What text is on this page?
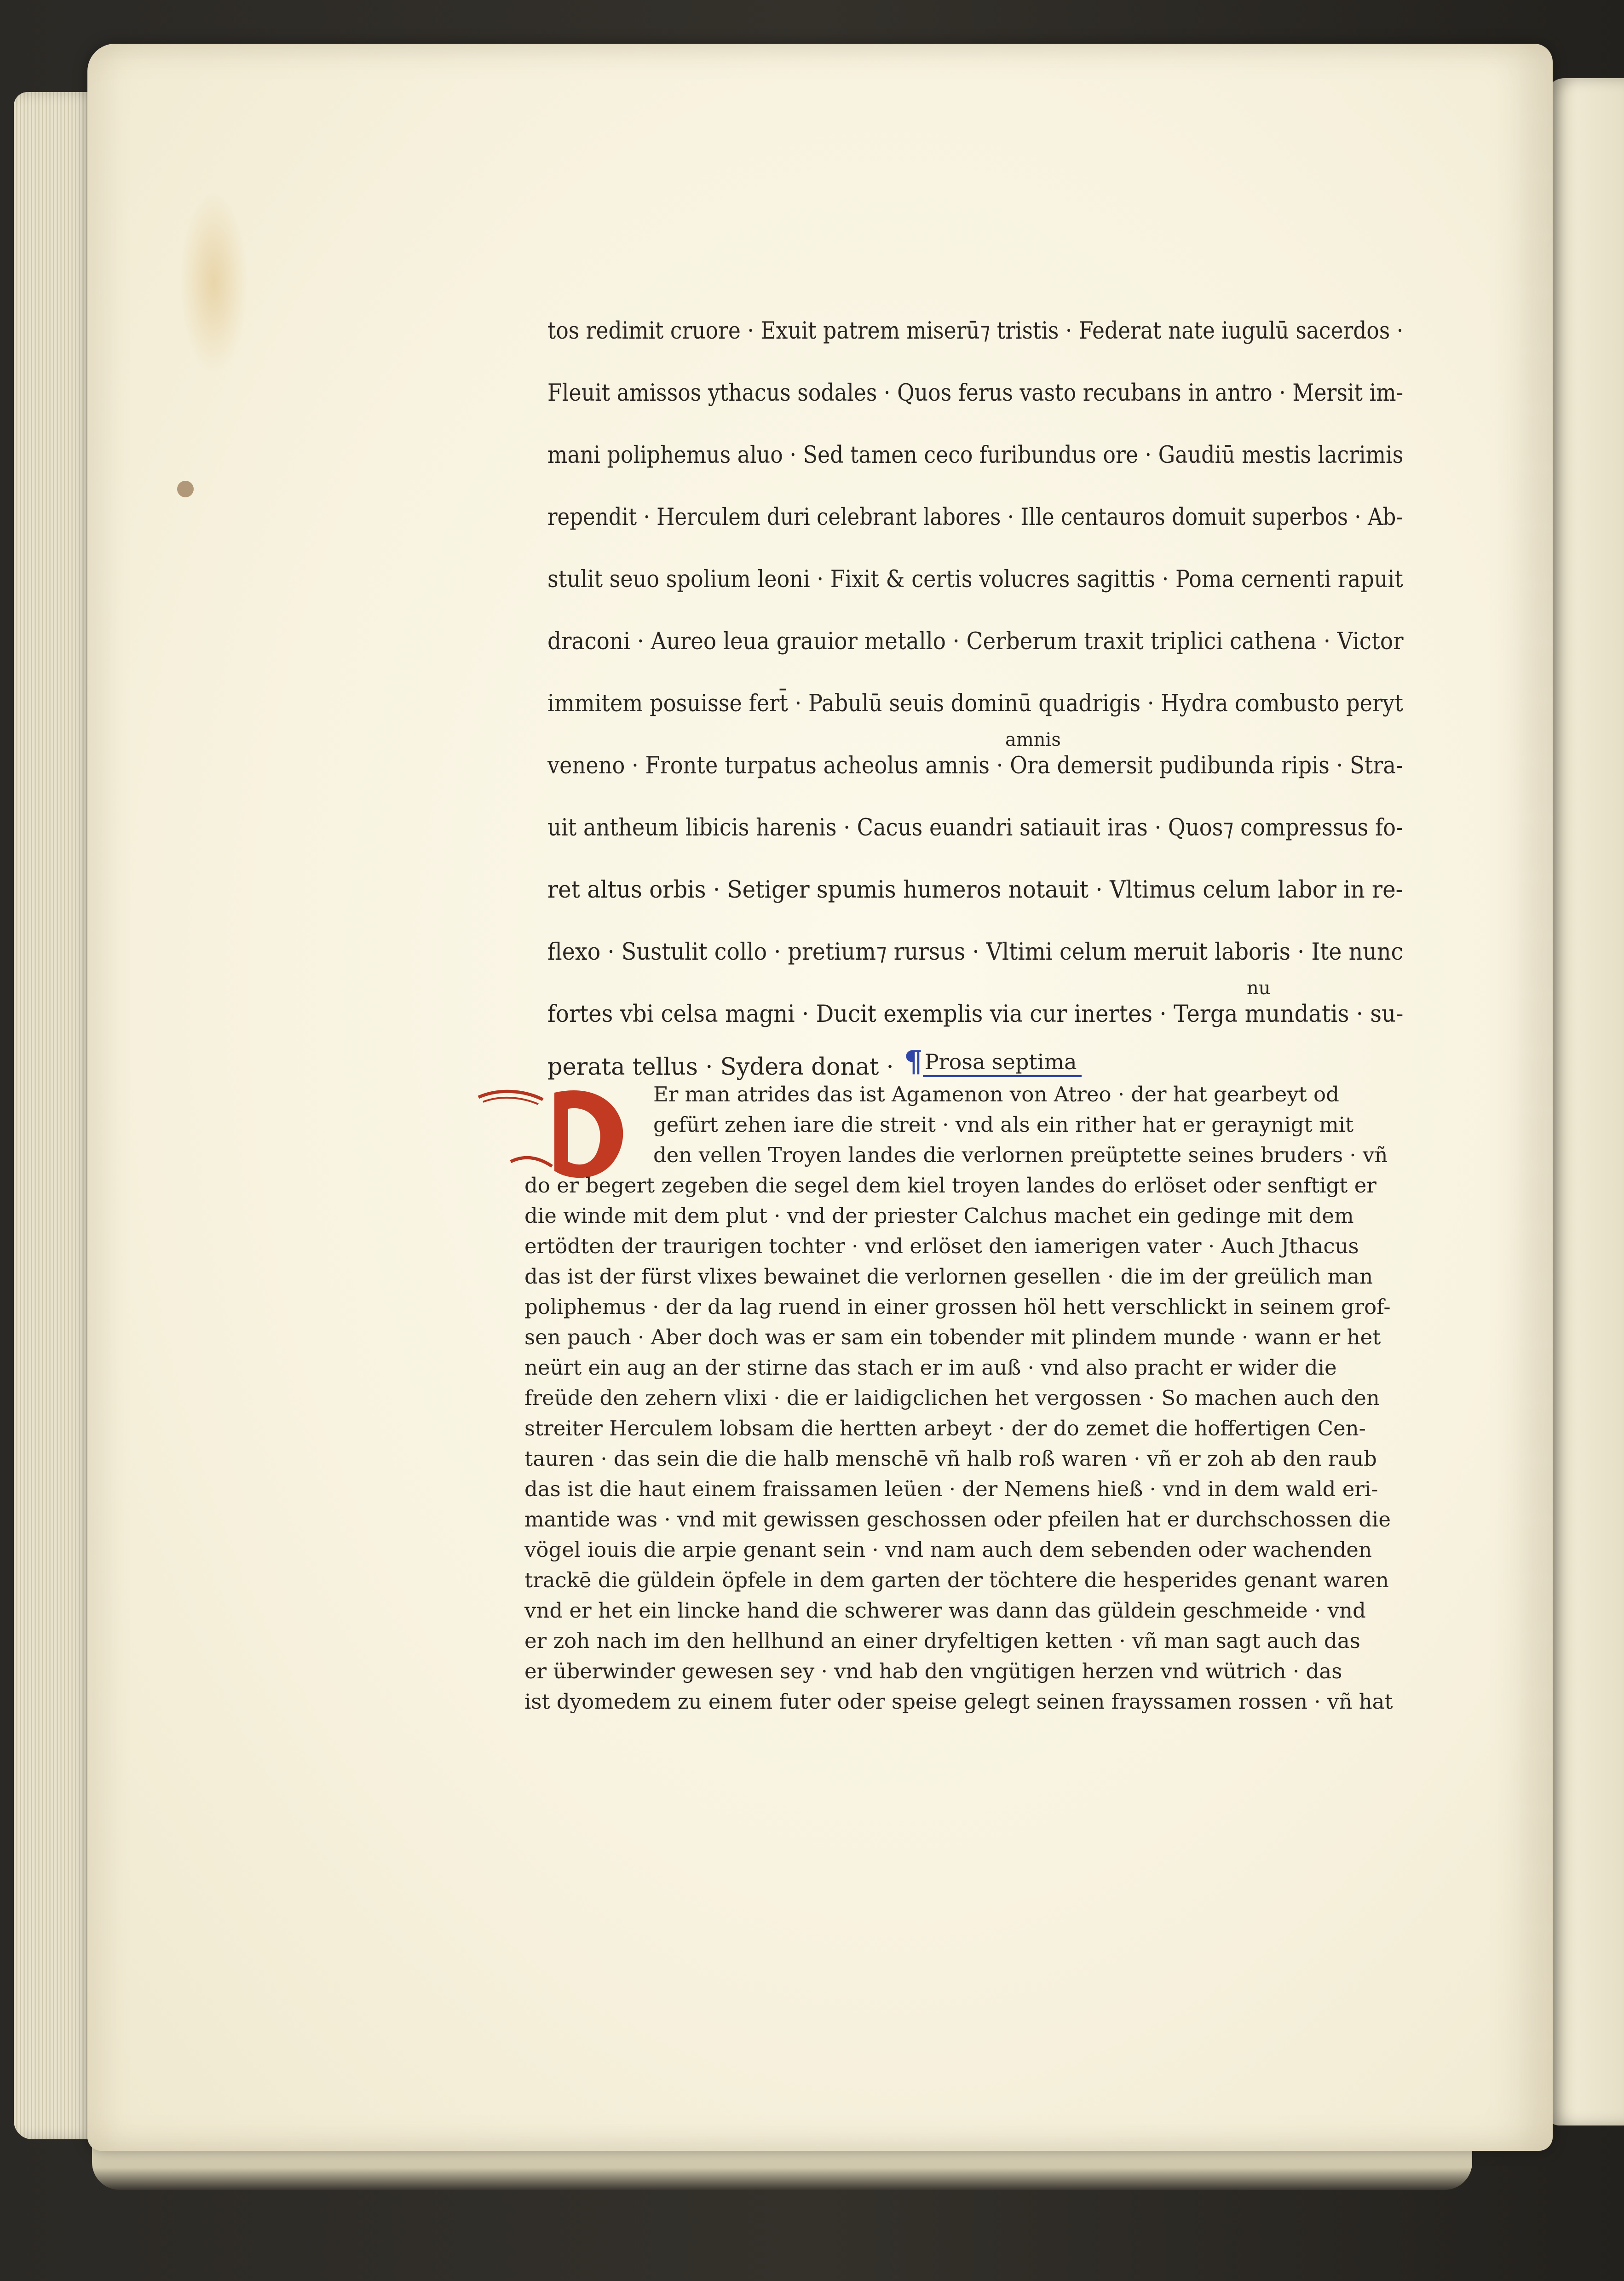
tos redimit cruore · Exuit patrem miserū⁊ tristis · Federat nate iugulū sacerdos ·

Fleuit amissos ythacus sodales · Quos ferus vasto recubans in antro · Mersit im-

mani poliphemus aluo · Sed tamen ceco furibundus ore · Gaudiū mestis lacrimis

rependit · Herculem duri celebrant labores · Ille centauros domuit superbos · Ab-

stulit seuo spolium leoni · Fixit & certis volucres sagittis · Poma cernenti rapuit

draconi · Aureo leua grauior metallo · Cerberum traxit triplici cathena · Victor

immitem posuisse fert̄ · Pabulū seuis dominū quadrigis · Hydra combusto peryt

veneno · Fronte turpatus acheolus amnis · Ora demersit pudibunda ripis · Stra-

uit antheum libicis harenis · Cacus euandri satiauit iras · Quos⁊ compressus fo-

ret altus orbis · Setiger spumis humeros notauit · Vltimus celum labor in re-

flexo · Sustulit collo · pretium⁊ rursus · Vltimi celum meruit laboris · Ite nunc

fortes vbi celsa magni · Ducit exemplis via cur inertes · Terga mundatis · su-

perata tellus · Sydera donat ·

amnis
nu
¶Prosa septima

Er man atrides das ist Agamenon von Atreo · der hat gearbeyt od

gefürt zehen iare die streit · vnd als ein rither hat er geraynigt mit

den vellen Troyen landes die verlornen preüptette seines bruders · vñ

do er begert zegeben die segel dem kiel troyen landes do erlöset oder senftigt er

die winde mit dem plut · vnd der priester Calchus machet ein gedinge mit dem

ertödten der traurigen tochter · vnd erlöset den iamerigen vater · Auch Jthacus

das ist der fürst vlixes bewainet die verlornen gesellen · die im der greülich man

poliphemus · der da lag ruend in einer grossen höl hett verschlickt in seinem grof-

sen pauch · Aber doch was er sam ein tobender mit plindem munde · wann er het

neürt ein aug an der stirne das stach er im auß · vnd also pracht er wider die

freüde den zehern vlixi · die er laidigclichen het vergossen · So machen auch den

streiter Herculem lobsam die hertten arbeyt · der do zemet die hoffertigen Cen-

tauren · das sein die die halb menschē vñ halb roß waren · vñ er zoh ab den raub

das ist die haut einem fraissamen leüen · der Nemens hieß · vnd in dem wald eri-

mantide was · vnd mit gewissen geschossen oder pfeilen hat er durchschossen die

vögel iouis die arpie genant sein · vnd nam auch dem sebenden oder wachenden

trackē die güldein öpfele in dem garten der töchtere die hesperides genant waren

vnd er het ein lincke hand die schwerer was dann das güldein geschmeide · vnd

er zoh nach im den hellhund an einer dryfeltigen ketten · vñ man sagt auch das

er überwinder gewesen sey · vnd hab den vngütigen herzen vnd wütrich · das

ist dyomedem zu einem futer oder speise gelegt seinen frayssamen rossen · vñ hat
